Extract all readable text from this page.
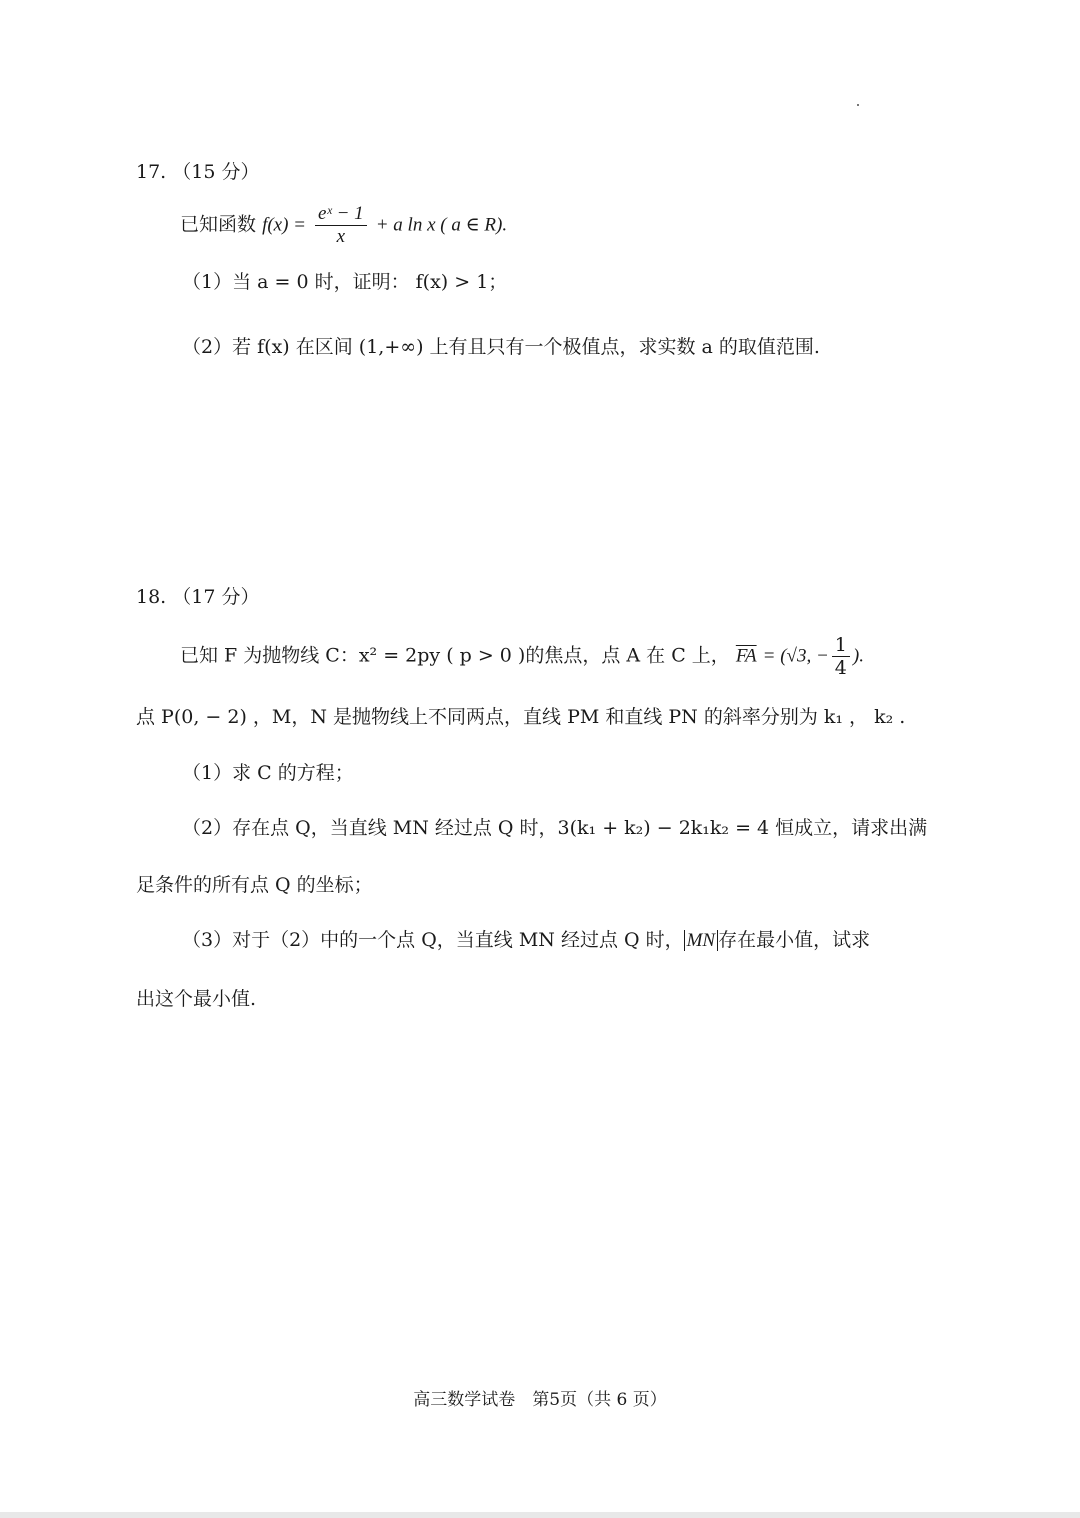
17. （15 分）
已知函数 $f(x) = \frac{\text{eˣ − 1}}{x} + a$ ln x ( a ∈ R).
（1）当 a = 0 时，证明： f(x) > 1；
（2）若 f(x) 在区间 (1,+∞) 上有且只有一个极值点，求实数 a 的取值范围.
18. （17 分）
已知 F 为抛物线 C：x² = 2py ( p > 0 )的焦点，点 A 在 C 上， $\overline{FA} = (√3$, − $\frac{1}{4}$ ).
点 P(0, − 2) ，M，N 是抛物线上不同两点，直线 PM 和直线 PN 的斜率分别为 k₁ ， k₂ .
（1）求 C 的方程；
（2）存在点 Q，当直线 MN 经过点 Q 时，3(k₁ + k₂) − 2k₁k₂ = 4 恒成立，请求出满
足条件的所有点 Q 的坐标；
（3）对于（2）中的一个点 Q，当直线 MN 经过点 Q 时， MN 存在最小值，试求
出这个最小值.
高三数学试卷　第5页（共 6 页）
